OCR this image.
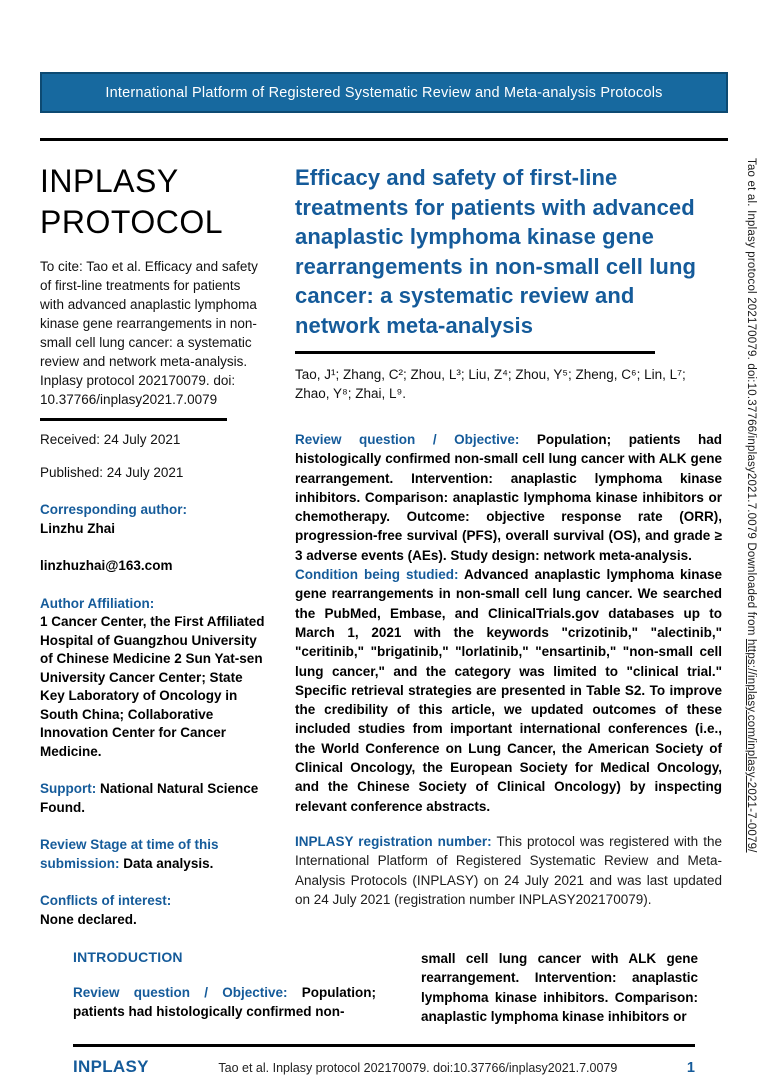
International Platform of Registered Systematic Review and Meta-analysis Protocols
INPLASY
PROTOCOL

To cite: Tao et al. Efficacy and safety of first-line treatments for patients with advanced anaplastic lymphoma kinase gene rearrangements in non-small cell lung cancer: a systematic review and network meta-analysis. Inplasy protocol 202170079. doi: 10.37766/inplasy2021.7.0079

Received: 24 July 2021

Published: 24 July 2021

Corresponding author:
Linzhu Zhai

linzhuzhai@163.com

Author Affiliation:
1 Cancer Center, the First Affiliated Hospital of Guangzhou University of Chinese Medicine 2 Sun Yat-sen University Cancer Center; State Key Laboratory of Oncology in South China; Collaborative Innovation Center for Cancer Medicine.

Support: National Natural Science Found.

Review Stage at time of this submission: Data analysis.

Conflicts of interest:
None declared.
Efficacy and safety of first-line treatments for patients with advanced anaplastic lymphoma kinase gene rearrangements in non-small cell lung cancer: a systematic review and network meta-analysis

Tao, J¹; Zhang, C²; Zhou, L³; Liu, Z⁴; Zhou, Y⁵; Zheng, C⁶; Lin, L⁷; Zhao, Y⁸; Zhai, L⁹.

Review question / Objective: Population; patients had histologically confirmed non-small cell lung cancer with ALK gene rearrangement. Intervention: anaplastic lymphoma kinase inhibitors. Comparison: anaplastic lymphoma kinase inhibitors or chemotherapy. Outcome: objective response rate (ORR), progression-free survival (PFS), overall survival (OS), and grade ≥ 3 adverse events (AEs). Study design: network meta-analysis.

Condition being studied: Advanced anaplastic lymphoma kinase gene rearrangements in non-small cell lung cancer. We searched the PubMed, Embase, and ClinicalTrials.gov databases up to March 1, 2021 with the keywords "crizotinib," "alectinib," "ceritinib," "brigatinib," "lorlatinib," "ensartinib," "non-small cell lung cancer," and the category was limited to "clinical trial." Specific retrieval strategies are presented in Table S2. To improve the credibility of this article, we updated outcomes of these included studies from important international conferences (i.e., the World Conference on Lung Cancer, the American Society of Clinical Oncology, the European Society for Medical Oncology, and the Chinese Society of Clinical Oncology) by inspecting relevant conference abstracts.

INPLASY registration number: This protocol was registered with the International Platform of Registered Systematic Review and Meta-Analysis Protocols (INPLASY) on 24 July 2021 and was last updated on 24 July 2021 (registration number INPLASY202170079).

INTRODUCTION

Review question / Objective: Population; patients had histologically confirmed non-

small cell lung cancer with ALK gene rearrangement. Intervention: anaplastic lymphoma kinase inhibitors. Comparison: anaplastic lymphoma kinase inhibitors or

INPLASY	Tao et al. Inplasy protocol 202170079. doi:10.37766/inplasy2021.7.0079	1
Tao et al. Inplasy protocol 202170079. doi:10.37766/inplasy2021.7.0079 Downloaded from https://inplasy.com/inplasy-2021-7-0079/
